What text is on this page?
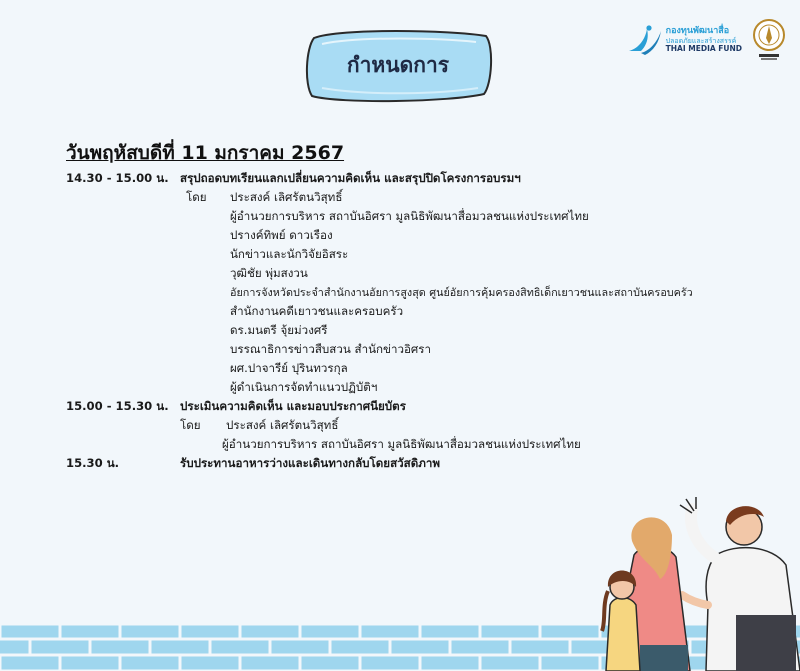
กำหนดการ
กองทุนพัฒนาสื่อ
ปลอดภัยและสร้างสรรค์
THAI MEDIA FUND
วันพฤหัสบดีที่ 11 มกราคม 2567
14.30 - 15.00 น. สรุปถอดบทเรียนแลกเปลี่ยนความคิดเห็น และสรุปปิดโครงการอบรมฯ
โดย ประสงค์ เลิศรัตนวิสุทธิ์
ผู้อำนวยการบริหาร สถาบันอิศรา มูลนิธิพัฒนาสื่อมวลชนแห่งประเทศไทย
ปรางค์ทิพย์ ดาวเรือง
นักข่าวและนักวิจัยอิสระ
วุฒิชัย พุ่มสงวน
อัยการจังหวัดประจำสำนักงานอัยการสูงสุด ศูนย์อัยการคุ้มครองสิทธิเด็กเยาวชนและสถาบันครอบครัว
สำนักงานคดีเยาวชนและครอบครัว
ดร.มนตรี จุ้ยม่วงศรี
บรรณาธิการข่าวสืบสวน สำนักข่าวอิศรา
ผศ.ปาจารีย์ ปุรินทวรกุล
ผู้ดำเนินการจัดทำแนวปฏิบัติฯ
15.00 - 15.30 น. ประเมินความคิดเห็น และมอบประกาศนียบัตร
โดย ประสงค์ เลิศรัตนวิสุทธิ์
ผู้อำนวยการบริหาร สถาบันอิศรา มูลนิธิพัฒนาสื่อมวลชนแห่งประเทศไทย
15.30 น.	รับประทานอาหารว่างและเดินทางกลับโดยสวัสดิภาพ
